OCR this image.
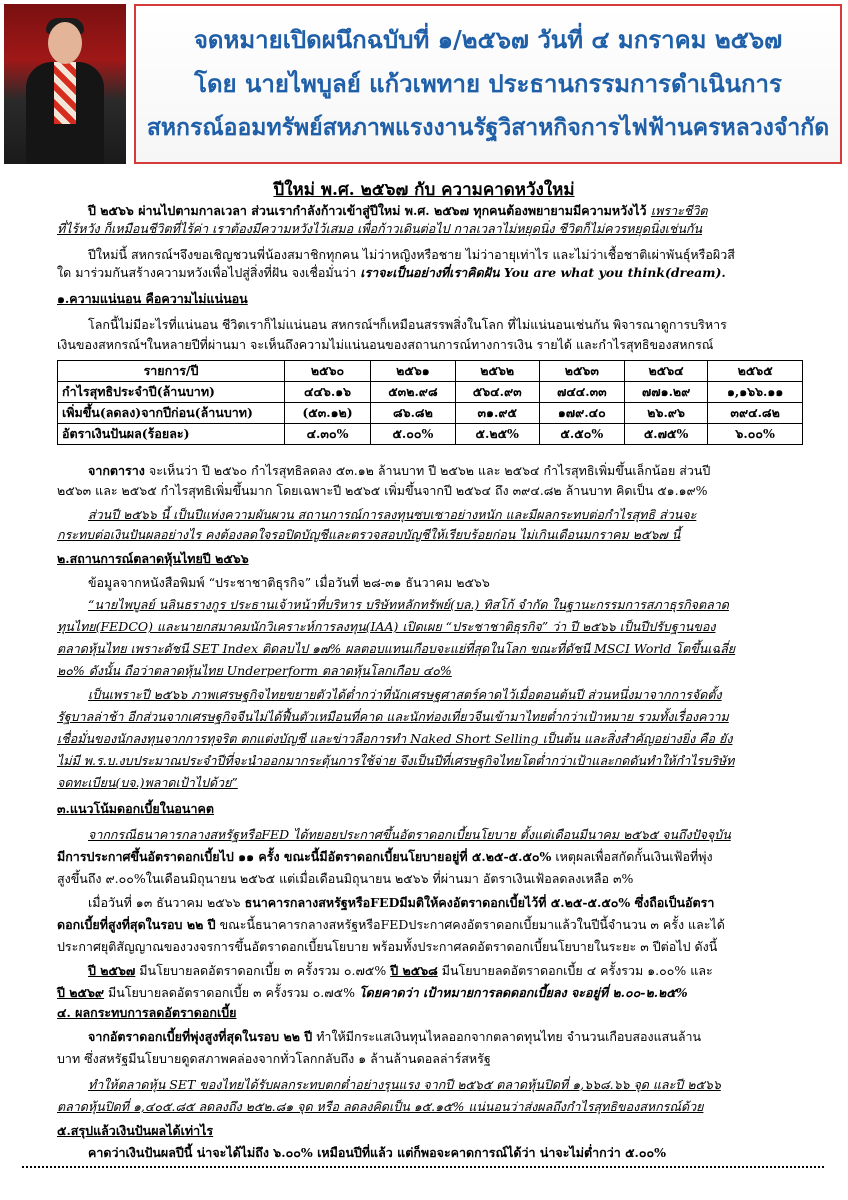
จดหมายเปิดผนึกฉบับที่ ๑/๒๕๖๗ วันที่ ๔ มกราคม ๒๕๖๗
โดย นายไพบูลย์ แก้วเพทาย ประธานกรรมการดำเนินการ
สหกรณ์ออมทรัพย์สหภาพแรงงานรัฐวิสาหกิจการไฟฟ้านครหลวงจำกัด
ปีใหม่ พ.ศ. ๒๕๖๗ กับ ความคาดหวังใหม่
ปี ๒๕๖๖ ผ่านไปตามกาลเวลา ส่วนเรากำลังก้าวเข้าสู่ปีใหม่ พ.ศ. ๒๕๖๗ ทุกคนต้องพยายามมีความหวังไว้ เพราะชีวิต
ที่ไร้หวัง ก็เหมือนชีวิตที่ไร้ค่า เราต้องมีความหวังไว้เสมอ เพื่อก้าวเดินต่อไป กาลเวลาไม่หยุดนิ่ง ชีวิตก็ไม่ควรหยุดนิ่งเช่นกัน
ปีใหม่นี้ สหกรณ์ฯจึงขอเชิญชวนพี่น้องสมาชิกทุกคน ไม่ว่าหญิงหรือชาย ไม่ว่าอายุเท่าไร และไม่ว่าเชื้อชาติเผ่าพันธุ์หรือผิวสี
ใด มาร่วมกันสร้างความหวังเพื่อไปสู่สิ่งที่ฝัน จงเชื่อมั่นว่า เราจะเป็นอย่างที่เราคิดฝัน You are what you think(dream).
๑.ความแน่นอน คือความไม่แน่นอน
โลกนี้ไม่มีอะไรที่แน่นอน ชีวิตเราก็ไม่แน่นอน สหกรณ์ฯก็เหมือนสรรพสิ่งในโลก ที่ไม่แน่นอนเช่นกัน พิจารณาดูการบริหาร
เงินของสหกรณ์ฯในหลายปีที่ผ่านมา จะเห็นถึงความไม่แน่นอนของสถานการณ์ทางการเงิน รายได้ และกำไรสุทธิของสหกรณ์
รายการ/ปี	๒๕๖๐	๒๕๖๑	๒๕๖๒	๒๕๖๓	๒๕๖๔	๒๕๖๕
กำไรสุทธิประจำปี(ล้านบาท)	๔๔๖.๑๖	๕๓๒.๙๘	๕๖๔.๙๓	๗๔๔.๓๓	๗๗๑.๒๙	๑,๑๖๖.๑๑
เพิ่มขึ้น(ลดลง)จากปีก่อน(ล้านบาท)	(๕๓.๑๒)	๘๖.๘๒	๓๑.๙๕	๑๗๙.๔๐	๒๖.๙๖	๓๙๔.๘๒
อัตราเงินปันผล(ร้อยละ)	๔.๓๐%	๕.๐๐%	๕.๒๕%	๕.๕๐%	๕.๗๕%	๖.๐๐%
จากตาราง จะเห็นว่า ปี ๒๕๖๐ กำไรสุทธิลดลง ๕๓.๑๒ ล้านบาท ปี ๒๕๖๒ และ ๒๕๖๔ กำไรสุทธิเพิ่มขึ้นเล็กน้อย ส่วนปี
๒๕๖๓ และ ๒๕๖๕ กำไรสุทธิเพิ่มขึ้นมาก โดยเฉพาะปี ๒๕๖๕ เพิ่มขึ้นจากปี ๒๕๖๔ ถึง ๓๙๔.๘๒ ล้านบาท คิดเป็น ๕๑.๑๙%
ส่วนปี ๒๕๖๖ นี้ เป็นปีแห่งความผันผวน สถานการณ์การลงทุนซบเซาอย่างหนัก และมีผลกระทบต่อกำไรสุทธิ ส่วนจะ
กระทบต่อเงินปันผลอย่างไร คงต้องลดใจรอปิดบัญชีและตรวจสอบบัญชีให้เรียบร้อยก่อน ไม่เกินเดือนมกราคม ๒๕๖๗ นี้
๒.สถานการณ์ตลาดหุ้นไทยปี ๒๕๖๖
ข้อมูลจากหนังสือพิมพ์ “ประชาชาติธุรกิจ” เมื่อวันที่ ๒๘-๓๑ ธันวาคม ๒๕๖๖
“นายไพบูลย์ นลินธรางกูร ประธานเจ้าหน้าที่บริหาร บริษัทหลักทรัพย์(บล.) ทิสโก้ จำกัด ในฐานะกรรมการสภาธุรกิจตลาด
ทุนไทย(FEDCO) และนายกสมาคมนักวิเคราะห์การลงทุน(IAA) เปิดเผย “ประชาชาติธุรกิจ” ว่า ปี ๒๕๖๖ เป็นปีปรับฐานของ
ตลาดหุ้นไทย เพราะดัชนี SET Index ติดลบไป ๑๗% ผลตอบแทนเกือบจะแย่ที่สุดในโลก ขณะที่ดัชนี MSCI World โตขึ้นเฉลี่ย
๒๐% ดังนั้น ถือว่าตลาดหุ้นไทย Underperform ตลาดหุ้นโลกเกือบ ๔๐%
เป็นเพราะปี ๒๕๖๖ ภาพเศรษฐกิจไทยขยายตัวได้ต่ำกว่าที่นักเศรษฐศาสตร์คาดไว้เมื่อตอนต้นปี ส่วนหนึ่งมาจากการจัดตั้ง
รัฐบาลล่าช้า อีกส่วนจากเศรษฐกิจจีนไม่ได้ฟื้นตัวเหมือนที่คาด และนักท่องเที่ยวจีนเข้ามาไทยต่ำกว่าเป้าหมาย รวมทั้งเรื่องความ
เชื่อมั่นของนักลงทุนจากการทุจริต ตกแต่งบัญชี และข่าวลือการทำ Naked Short Selling เป็นต้น และสิ่งสำคัญอย่างยิ่ง คือ ยัง
ไม่มี พ.ร.บ.งบประมาณประจำปีที่จะนำออกมากระตุ้นการใช้จ่าย จึงเป็นปีที่เศรษฐกิจไทยโตต่ำกว่าเป้าและกดดันทำให้กำไรบริษัท
จดทะเบียน(บจ.)พลาดเป้าไปด้วย”
๓.แนวโน้มดอกเบี้ยในอนาคต
จากกรณีธนาคารกลางสหรัฐหรือFED ได้ทยอยประกาศขึ้นอัตราดอกเบี้ยนโยบาย ตั้งแต่เดือนมีนาคม ๒๕๖๕ จนถึงปัจจุบัน
มีการประกาศขึ้นอัตราดอกเบี้ยไป ๑๑ ครั้ง ขณะนี้มีอัตราดอกเบี้ยนโยบายอยู่ที่ ๕.๒๕-๕.๕๐% เหตุผลเพื่อสกัดกั้นเงินเฟ้อที่พุ่ง
สูงขึ้นถึง ๙.๐๐%ในเดือนมิถุนายน ๒๕๖๕ แต่เมื่อเดือนมิถุนายน ๒๕๖๖ ที่ผ่านมา อัตราเงินเฟ้อลดลงเหลือ ๓%
เมื่อวันที่ ๑๓ ธันวาคม ๒๕๖๖ ธนาคารกลางสหรัฐหรือFEDมีมติให้คงอัตราดอกเบี้ยไว้ที่ ๕.๒๕-๕.๕๐% ซึ่งถือเป็นอัตรา
ดอกเบี้ยที่สูงที่สุดในรอบ ๒๒ ปี ขณะนี้ธนาคารกลางสหรัฐหรือFEDประกาศคงอัตราดอกเบี้ยมาแล้วในปีนี้จำนวน ๓ ครั้ง และได้
ประกาศยุติสัญญาณของวงจรการขึ้นอัตราดอกเบี้ยนโยบาย พร้อมทั้งประกาศลดอัตราดอกเบี้ยนโยบายในระยะ ๓ ปีต่อไป ดังนี้
ปี ๒๕๖๗ มีนโยบายลดอัตราดอกเบี้ย ๓ ครั้งรวม ๐.๗๕% ปี ๒๕๖๘ มีนโยบายลดอัตราดอกเบี้ย ๔ ครั้งรวม ๑.๐๐% และ
ปี ๒๕๖๙ มีนโยบายลดอัตราดอกเบี้ย ๓ ครั้งรวม ๐.๗๕% โดยคาดว่า เป้าหมายการลดดอกเบี้ยลง จะอยู่ที่ ๒.๐๐-๒.๒๕%
๔. ผลกระทบการลดอัตราดอกเบี้ย
จากอัตราดอกเบี้ยที่พุ่งสูงที่สุดในรอบ ๒๒ ปี ทำให้มีกระแสเงินทุนไหลออกจากตลาดทุนไทย จำนวนเกือบสองแสนล้าน
บาท ซึ่งสหรัฐมีนโยบายดูดสภาพคล่องจากทั่วโลกกลับถึง ๑ ล้านล้านดอลล่าร์สหรัฐ
ทำให้ตลาดหุ้น SET ของไทยได้รับผลกระทบตกต่ำอย่างรุนแรง จากปี ๒๕๖๕ ตลาดหุ้นปิดที่ ๑,๖๖๘.๖๖ จุด และปี ๒๕๖๖
ตลาดหุ้นปิดที่ ๑,๔๐๕.๘๕ ลดลงถึง ๒๕๒.๘๑ จุด หรือ ลดลงคิดเป็น ๑๕.๑๕% แน่นอนว่าส่งผลถึงกำไรสุทธิของสหกรณ์ด้วย
๕.สรุปแล้วเงินปันผลได้เท่าไร
คาดว่าเงินปันผลปีนี้ น่าจะได้ไม่ถึง ๖.๐๐% เหมือนปีที่แล้ว แต่ก็พอจะคาดการณ์ได้ว่า น่าจะไม่ต่ำกว่า ๕.๐๐%
